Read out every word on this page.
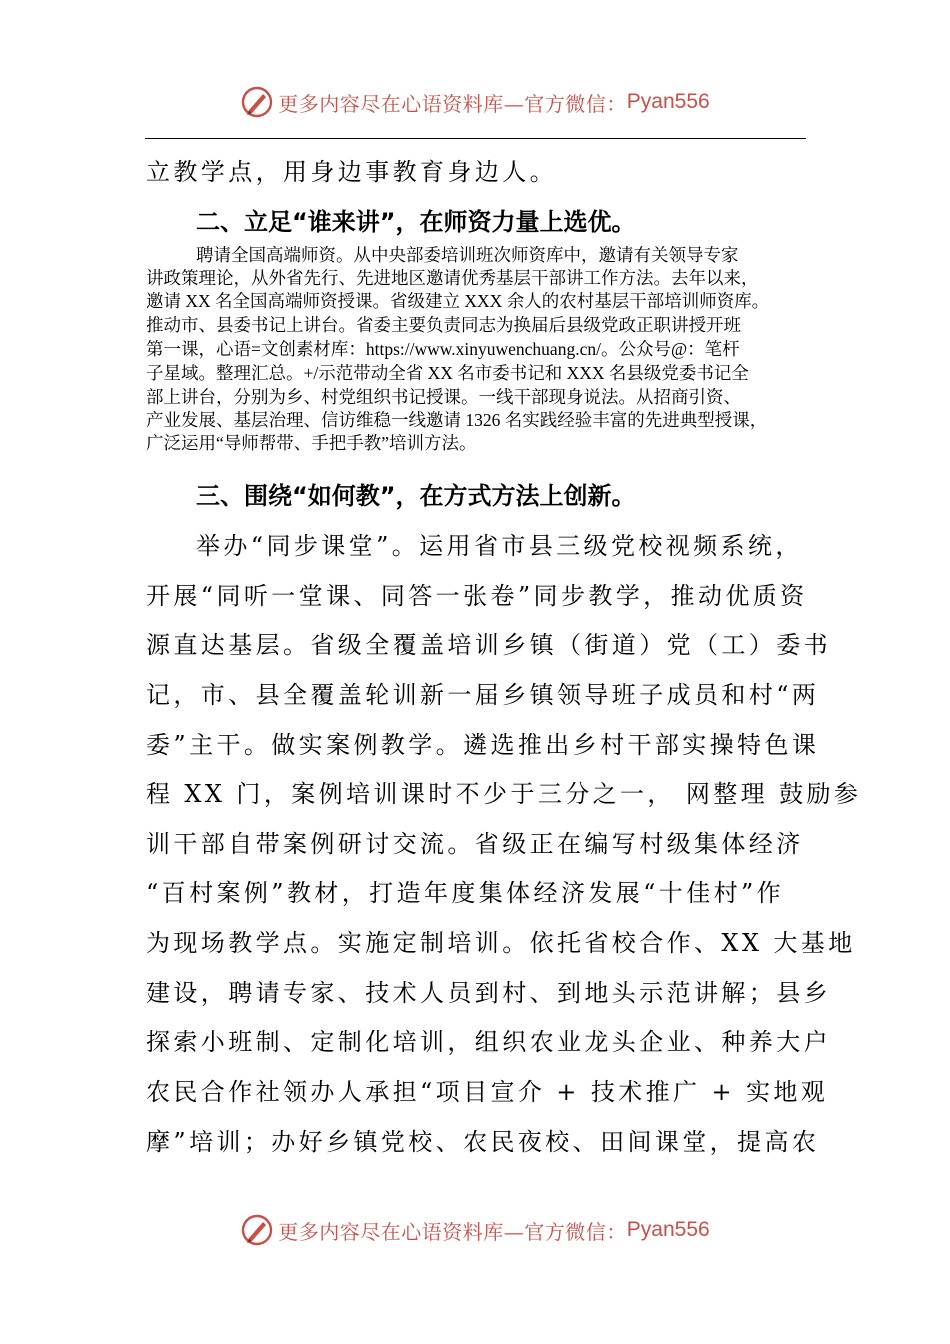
更多内容尽在心语资料库—官方微信： Pyan556
立教学点，用身边事教育身边人。
二、立足“谁来讲”，在师资力量上选优。
聘请全国高端师资。从中央部委培训班次师资库中，邀请有关领导专家
讲政策理论，从外省先行、先进地区邀请优秀基层干部讲工作方法。去年以来，
邀请 XX 名全国高端师资授课。省级建立 XXX 余人的农村基层干部培训师资库。
推动市、县委书记上讲台。省委主要负责同志为换届后县级党政正职讲授开班
第一课，心语=文创素材库：https://www.xinyuwenchuang.cn/。公众号@：笔杆
子星域。整理汇总。+/示范带动全省 XX 名市委书记和 XXX 名县级党委书记全
部上讲台，分别为乡、村党组织书记授课。一线干部现身说法。从招商引资、
产业发展、基层治理、信访维稳一线邀请 1326 名实践经验丰富的先进典型授课，
广泛运用“导师帮带、手把手教”培训方法。
三、围绕“如何教”，在方式方法上创新。
举办“同步课堂”。运用省市县三级党校视频系统，
开展“同听一堂课、同答一张卷”同步教学，推动优质资
源直达基层。省级全覆盖培训乡镇（街道）党（工）委书
记，市、县全覆盖轮训新一届乡镇领导班子成员和村“两
委”主干。做实案例教学。遴选推出乡村干部实操特色课
程 XX 门，案例培训课时不少于三分之一， 网整理 鼓励参
训干部自带案例研讨交流。省级正在编写村级集体经济
“百村案例”教材，打造年度集体经济发展“十佳村”作
为现场教学点。实施定制培训。依托省校合作、XX 大基地
建设，聘请专家、技术人员到村、到地头示范讲解；县乡
探索小班制、定制化培训，组织农业龙头企业、种养大户
农民合作社领办人承担“项目宣介 + 技术推广 + 实地观
摩”培训；办好乡镇党校、农民夜校、田间课堂，提高农
更多内容尽在心语资料库—官方微信： Pyan556
